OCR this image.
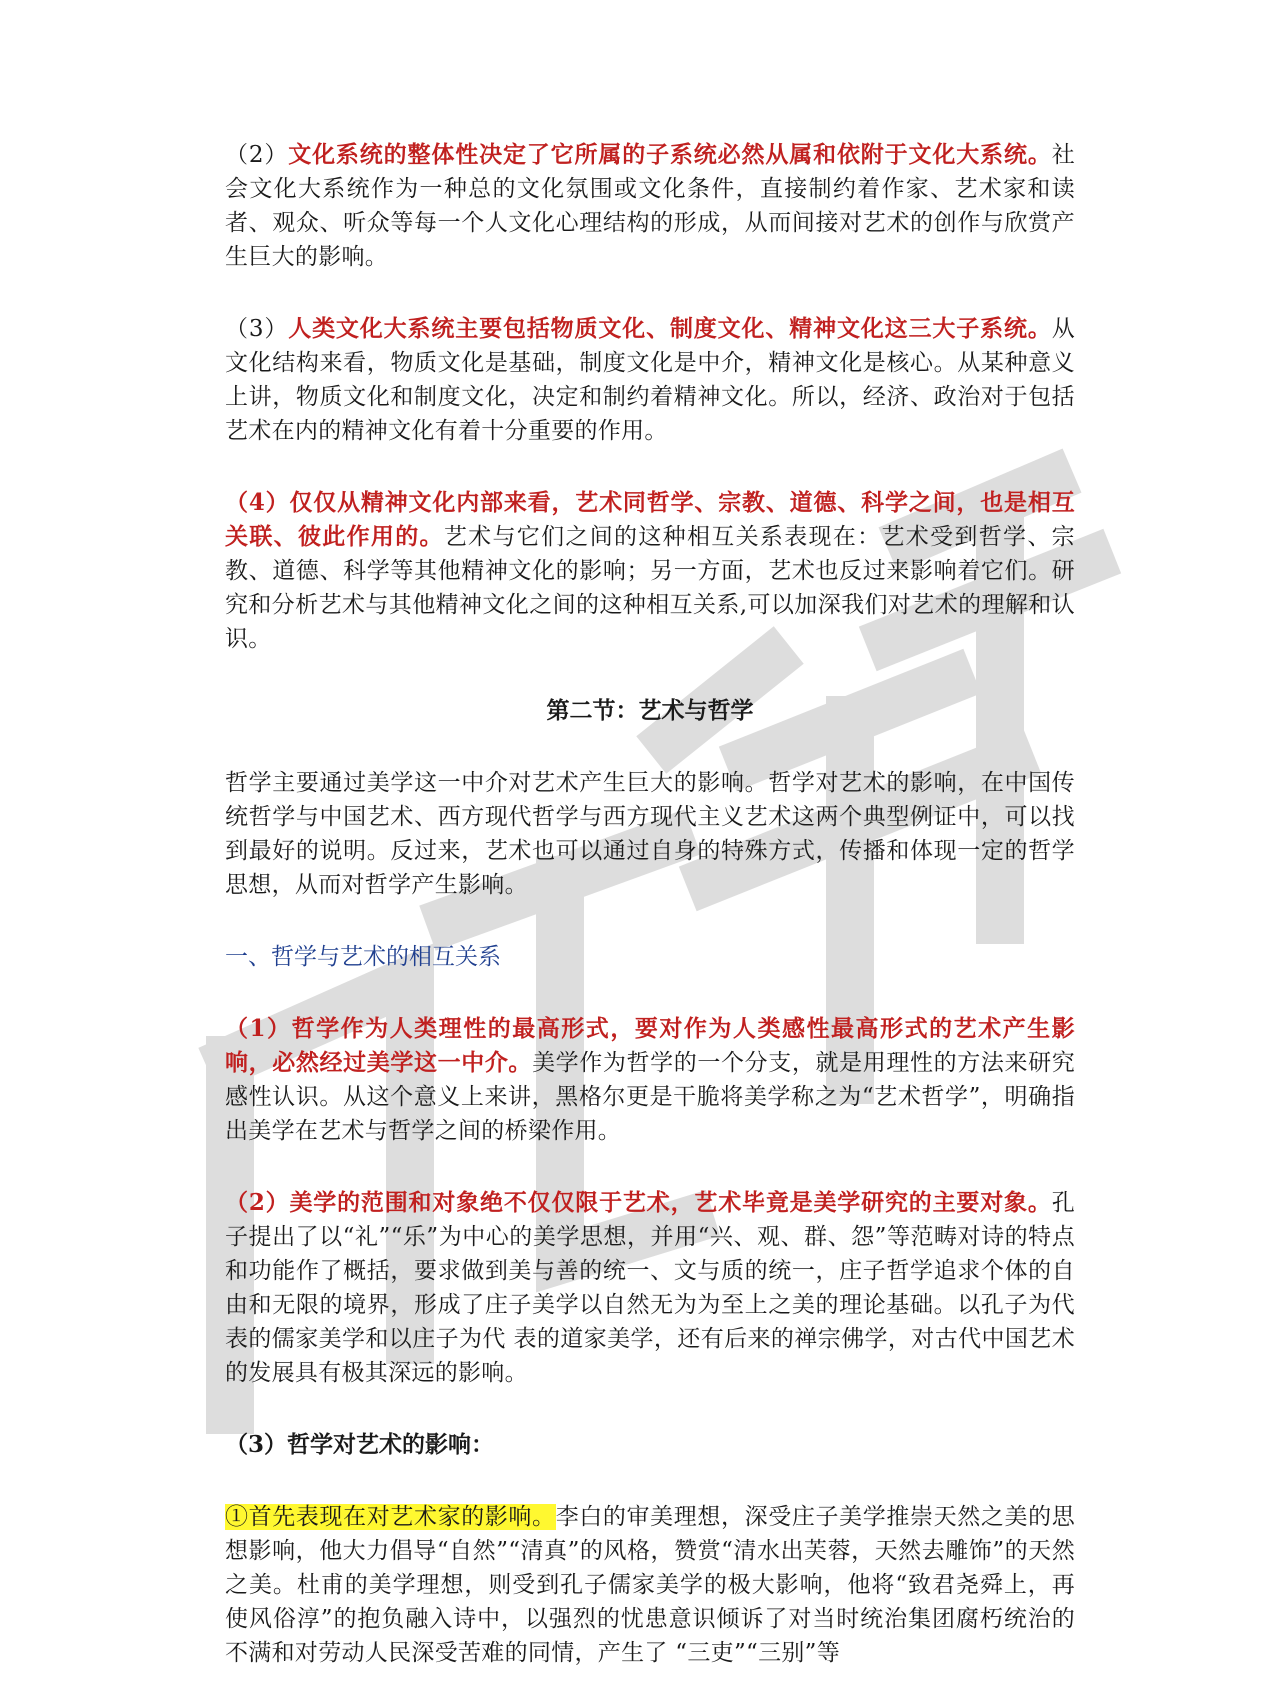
（2）文化系统的整体性决定了它所属的子系统必然从属和依附于文化大系统。社会文化大系统作为一种总的文化氛围或文化条件，直接制约着作家、艺术家和读者、观众、听众等每一个人文化心理结构的形成，从而间接对艺术的创作与欣赏产生巨大的影响。

（3）人类文化大系统主要包括物质文化、制度文化、精神文化这三大子系统。从文化结构来看，物质文化是基础，制度文化是中介，精神文化是核心。从某种意义上讲，物质文化和制度文化，决定和制约着精神文化。所以，经济、政治对于包括艺术在内的精神文化有着十分重要的作用。

（4）仅仅从精神文化内部来看，艺术同哲学、宗教、道德、科学之间，也是相互关联、彼此作用的。艺术与它们之间的这种相互关系表现在：艺术受到哲学、宗教、道德、科学等其他精神文化的影响；另一方面，艺术也反过来影响着它们。研究和分析艺术与其他精神文化之间的这种相互关系,可以加深我们对艺术的理解和认识。

第二节：艺术与哲学

哲学主要通过美学这一中介对艺术产生巨大的影响。哲学对艺术的影响，在中国传统哲学与中国艺术、西方现代哲学与西方现代主义艺术这两个典型例证中，可以找到最好的说明。反过来，艺术也可以通过自身的特殊方式，传播和体现一定的哲学思想，从而对哲学产生影响。

一、哲学与艺术的相互关系

（1）哲学作为人类理性的最高形式，要对作为人类感性最高形式的艺术产生影响，必然经过美学这一中介。美学作为哲学的一个分支，就是用理性的方法来研究感性认识。从这个意义上来讲，黑格尔更是干脆将美学称之为“艺术哲学”，明确指出美学在艺术与哲学之间的桥梁作用。

（2）美学的范围和对象绝不仅仅限于艺术，艺术毕竟是美学研究的主要对象。孔子提出了以“礼”“乐”为中心的美学思想，并用“兴、观、群、怨”等范畴对诗的特点和功能作了概括，要求做到美与善的统一、文与质的统一，庄子哲学追求个体的自由和无限的境界，形成了庄子美学以自然无为为至上之美的理论基础。以孔子为代表的儒家美学和以庄子为代 表的道家美学，还有后来的禅宗佛学，对古代中国艺术的发展具有极其深远的影响。

（3）哲学对艺术的影响：

①首先表现在对艺术家的影响。李白的审美理想，深受庄子美学推崇天然之美的思想影响，他大力倡导“自然”“清真”的风格，赞赏“清水出芙蓉，天然去雕饰”的天然之美。杜甫的美学理想，则受到孔子儒家美学的极大影响，他将“致君尧舜上，再使风俗淳”的抱负融入诗中，以强烈的忧患意识倾诉了对当时统治集团腐朽统治的不满和对劳动人民深受苦难的同情，产生了 “三吏”“三别”等
